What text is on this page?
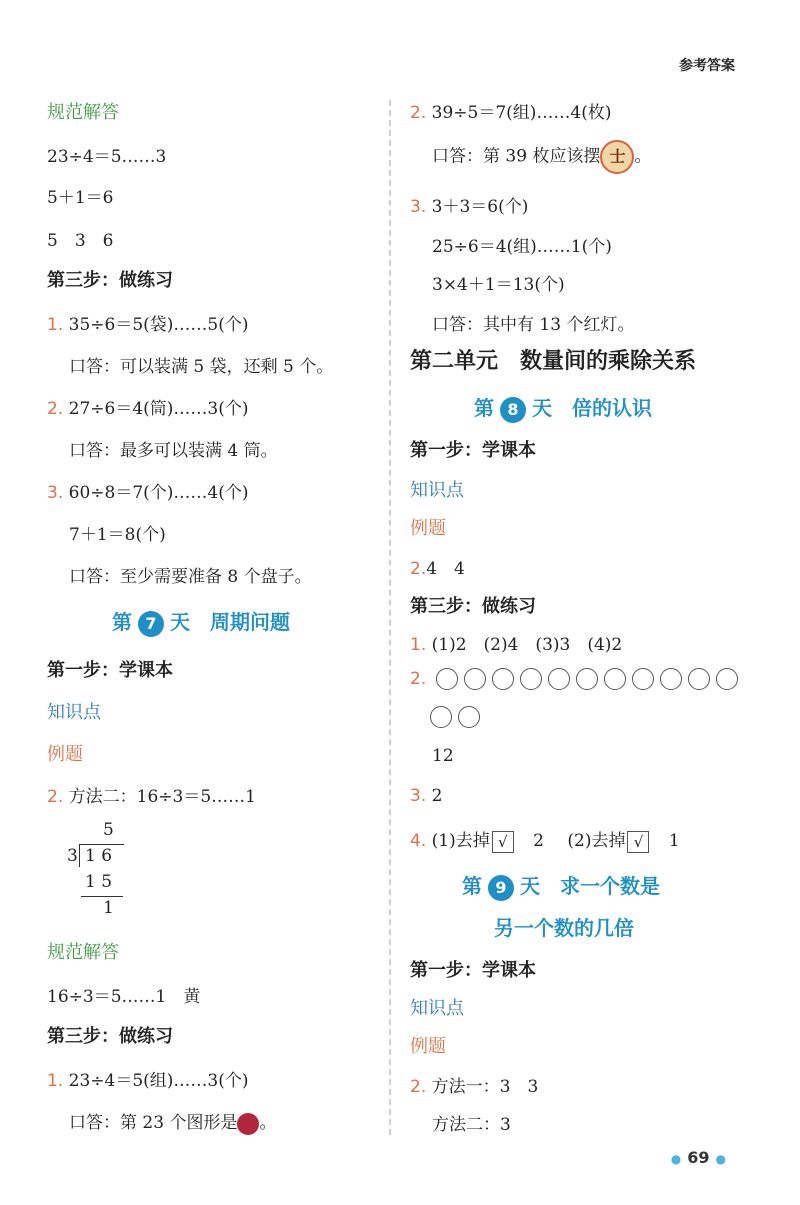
参考答案
规范解答
23÷4＝5……3
5＋1＝6
5　3　6
第三步：做练习
1. 35÷6＝5(袋)……5(个)
口答：可以装满 5 袋，还剩 5 个。
2. 27÷6＝4(筒)……3(个)
口答：最多可以装满 4 筒。
3. 60÷8＝7(个)……4(个)
7＋1＝8(个)
口答：至少需要准备 8 个盘子。
第 7 天　周期问题
第一步：学课本
知识点
例题
2. 方法二：16÷3＝5……1
5
3 1 6
1 5
1
规范解答
16÷3＝5……1　黄
第三步：做练习
1. 23÷4＝5(组)……3(个)
口答：第 23 个图形是 。
2. 39÷5＝7(组)……4(枚)
口答：第 39 枚应该摆 士 。
3. 3＋3＝6(个)
25÷6＝4(组)……1(个)
3×4＋1＝13(个)
口答：其中有 13 个红灯。
第二单元　数量间的乘除关系
第 8 天　倍的认识
第一步：学课本
知识点
例题
2.4　4
第三步：做练习
1. (1)2　(2)4　(3)3　(4)2
2.
12
3. 2
4. (1)去掉 √ 2 (2)去掉 √ 1
第 9 天　求一个数是
另一个数的几倍
第一步：学课本
知识点
例题
2. 方法一：3　3
方法二：3
● 69 ●
